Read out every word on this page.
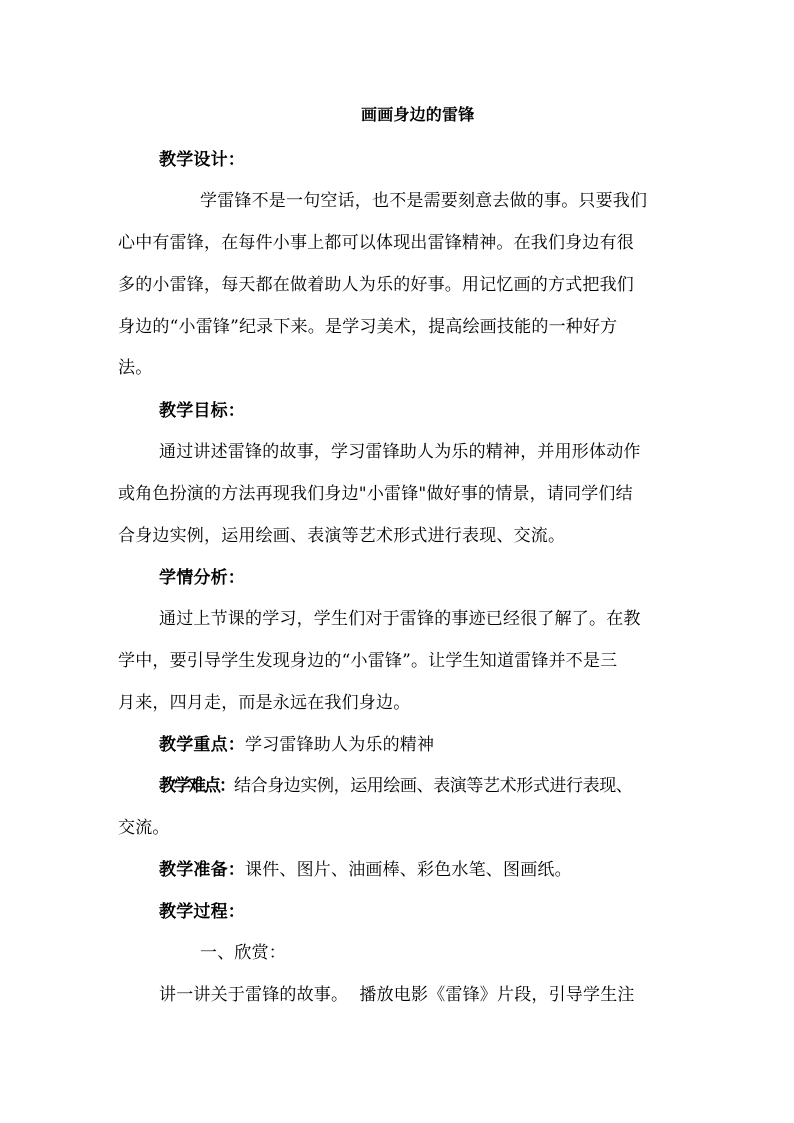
画画身边的雷锋
教学设计：
学雷锋不是一句空话，也不是需要刻意去做的事。只要我们
心中有雷锋，在每件小事上都可以体现出雷锋精神。在我们身边有很
多的小雷锋，每天都在做着助人为乐的好事。用记忆画的方式把我们
身边的“小雷锋”纪录下来。是学习美术，提高绘画技能的一种好方
法。
教学目标：
通过讲述雷锋的故事，学习雷锋助人为乐的精神，并用形体动作
或角色扮演的方法再现我们身边"小雷锋"做好事的情景，请同学们结
合身边实例，运用绘画、表演等艺术形式进行表现、交流。
学情分析：
通过上节课的学习，学生们对于雷锋的事迹已经很了解了。在教
学中，要引导学生发现身边的“小雷锋”。让学生知道雷锋并不是三
月来，四月走，而是永远在我们身边。
教学重点：学习雷锋助人为乐的精神
教学难点：结合身边实例，运用绘画、表演等艺术形式进行表现、
交流。
教学准备：课件、图片、油画棒、彩色水笔、图画纸。
教学过程：
一、欣赏：
讲一讲关于雷锋的故事。  播放电影《雷锋》片段，引导学生注
